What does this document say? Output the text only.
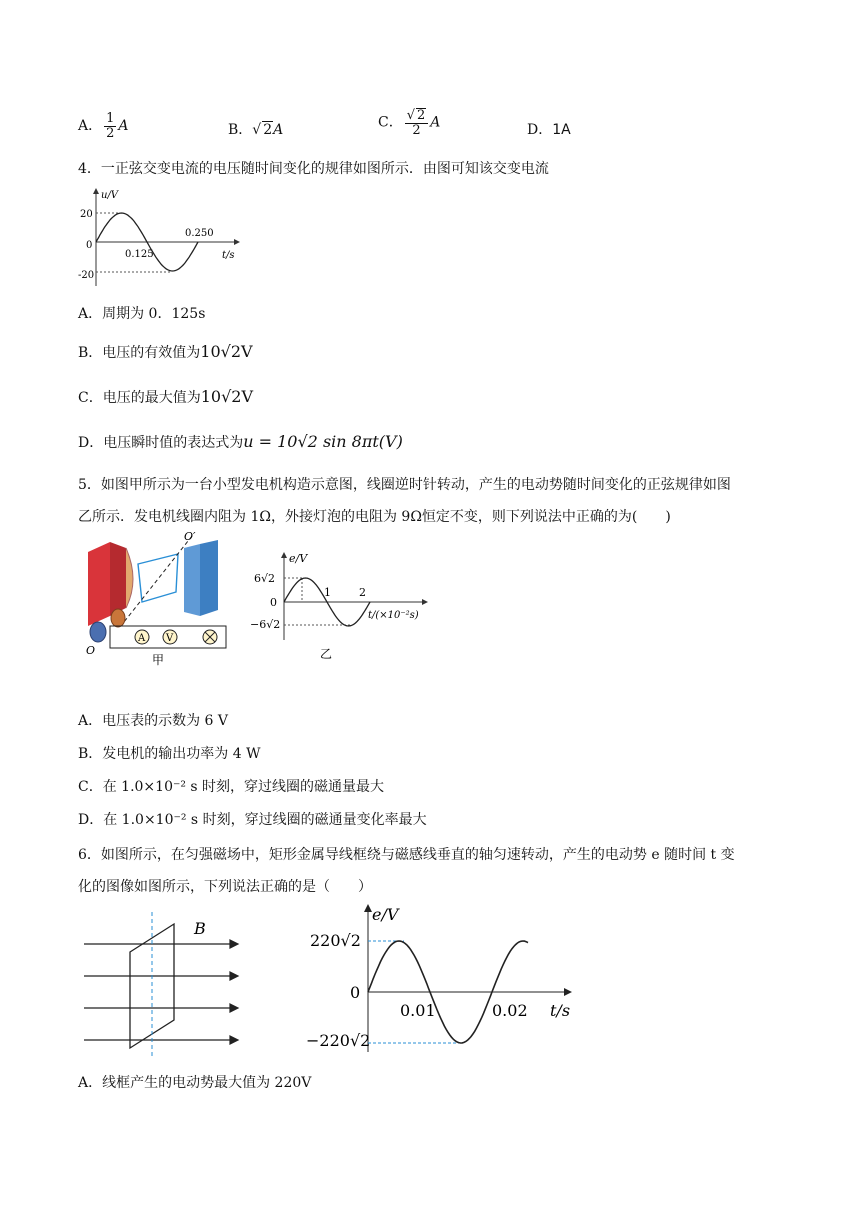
A． $\frac{1}{2}$ A	B．√ 2A	C． $\frac{√ 2}{2}$ A	D．1A
4．一正弦交变电流的电压随时间变化的规律如图所示．由图可知该交变电流
u/V
t/s
20
-20
0
0.125
0.250
A．周期为 0．125s
B．电压的有效值为10√2V
C．电压的最大值为10√2V
D．电压瞬时值的表达式为u = 10√2 sin 8πt(V)
5．如图甲所示为一台小型发电机构造示意图，线圈逆时针转动，产生的电动势随时间变化的正弦规律如图
乙所示．发电机线圈内阻为 1Ω，外接灯泡的电阻为 9Ω恒定不变，则下列说法中正确的为(　　)
O′
O
A V
甲
e/V
t/(×10⁻²s)
6√2
−6√2
0
1	2
乙
A．电压表的示数为 6 V
B．发电机的输出功率为 4 W
C．在 1.0×10⁻² s 时刻，穿过线圈的磁通量最大
D．在 1.0×10⁻² s 时刻，穿过线圈的磁通量变化率最大
6．如图所示，在匀强磁场中，矩形金属导线框绕与磁感线垂直的轴匀速转动，产生的电动势 e 随时间 t 变
化的图像如图所示，下列说法正确的是（　　）
B
e/V
t/s
220√2
−220√2
0
0.01	0.02
A．线框产生的电动势最大值为 220V
